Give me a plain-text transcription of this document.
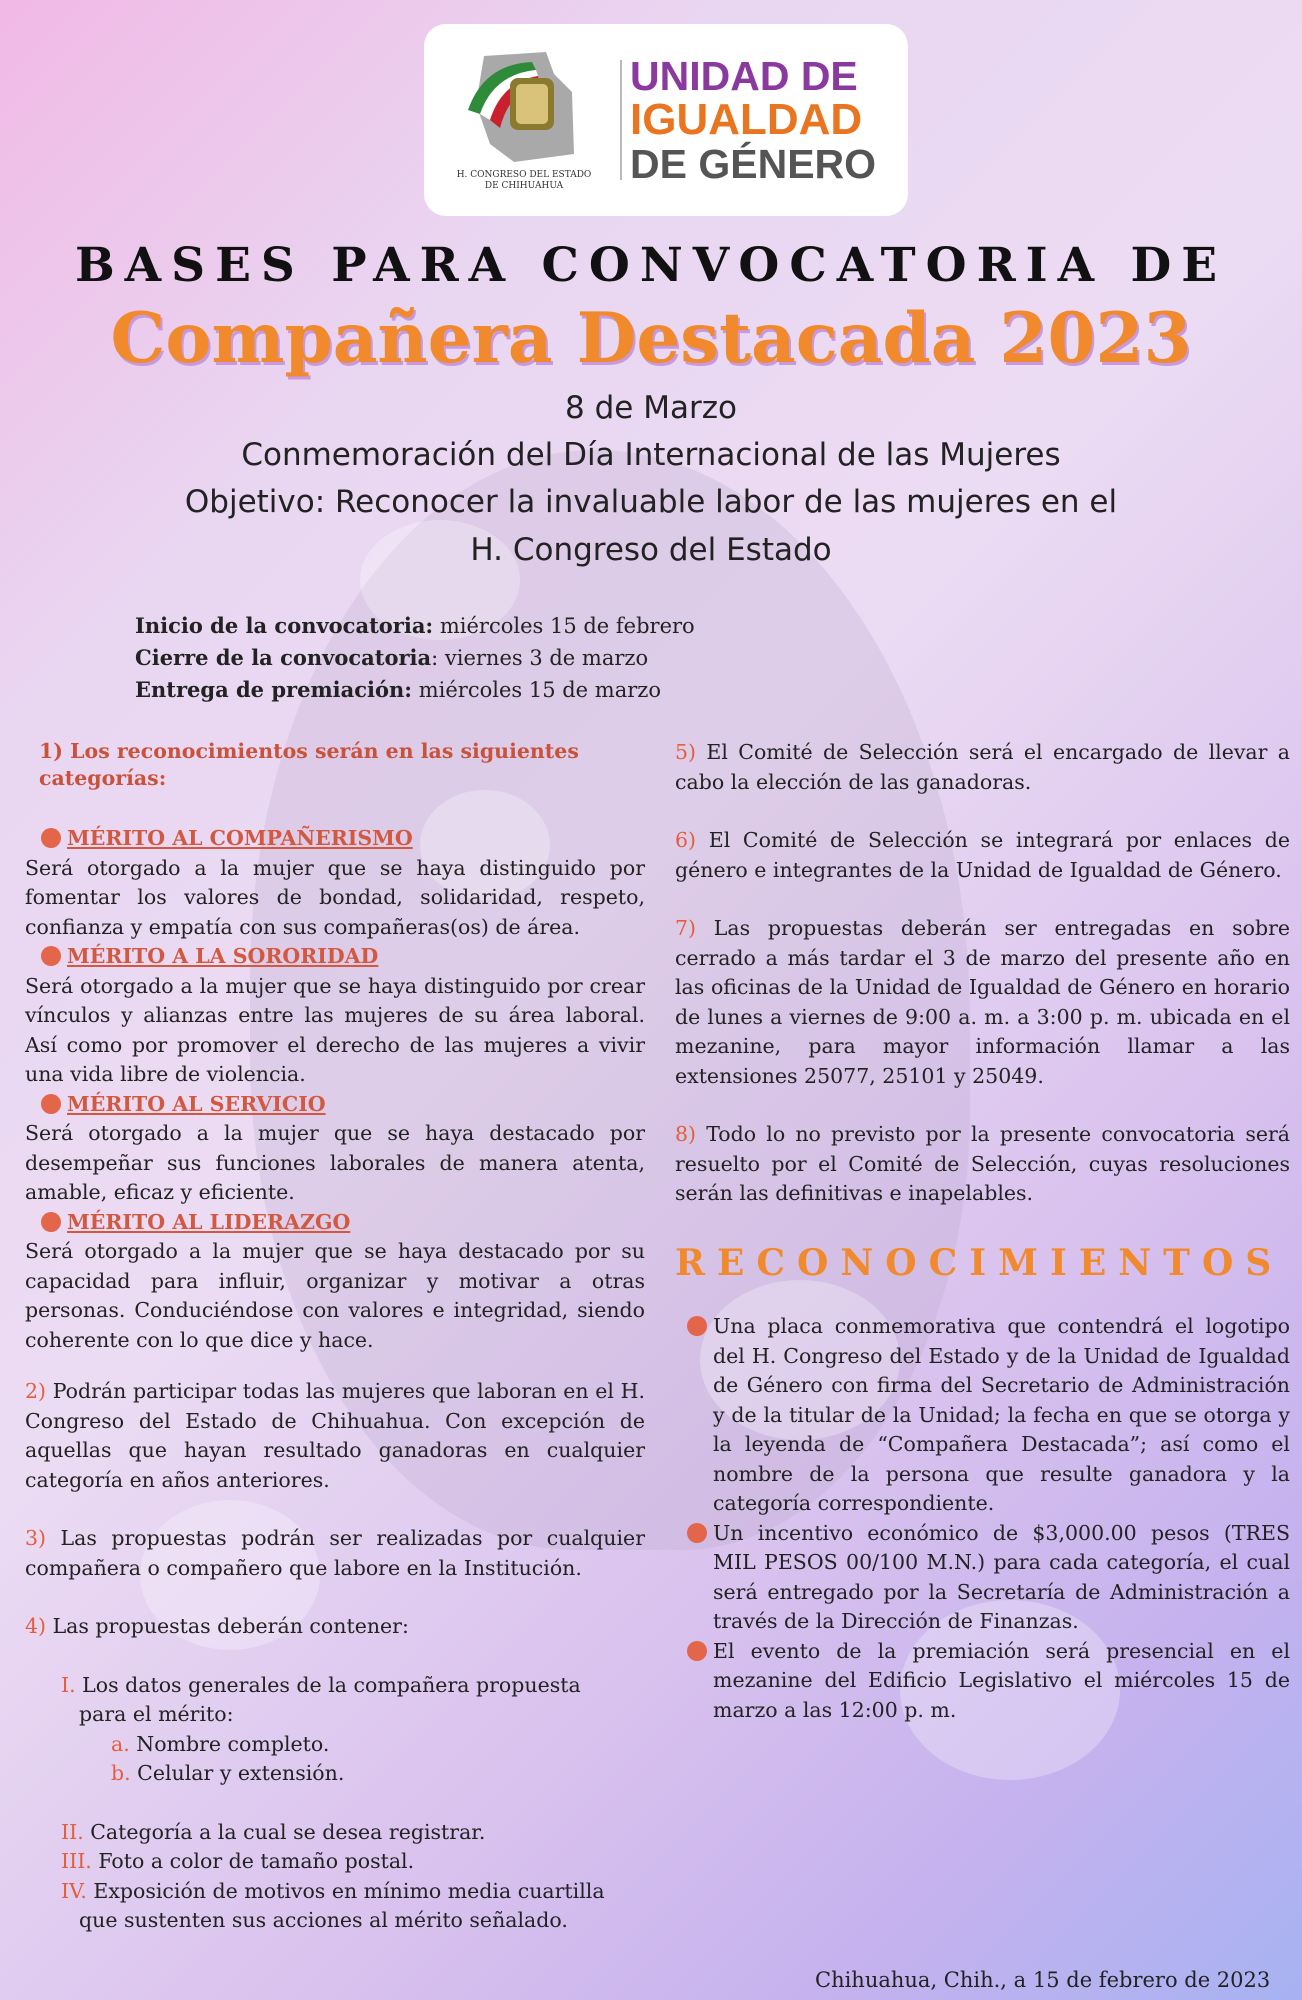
H. CONGRESO DEL ESTADO
DE CHIHUAHUA
UNIDAD DE
IGUALDAD
DE GÉNERO
BASES PARA CONVOCATORIA DE
Compañera Destacada 2023
8 de Marzo
Conmemoración del Día Internacional de las Mujeres
Objetivo: Reconocer la invaluable labor de las mujeres en el
H. Congreso del Estado
Inicio de la convocatoria: miércoles 15 de febrero
Cierre de la convocatoria: viernes 3 de marzo
Entrega de premiación: miércoles 15 de marzo

1) Los reconocimientos serán en las siguientes categorías:

MÉRITO AL COMPAÑERISMO

Será otorgado a la mujer que se haya distinguido por fomentar los valores de bondad, solidaridad, respeto, confianza y empatía con sus compañeras(os) de área.

MÉRITO A LA SORORIDAD

Será otorgado a la mujer que se haya distinguido por crear vínculos y alianzas entre las mujeres de su área laboral. Así como por promover el derecho de las mujeres a vivir una vida libre de violencia.

MÉRITO AL SERVICIO

Será otorgado a la mujer que se haya destacado por desempeñar sus funciones laborales de manera atenta, amable, eficaz y eficiente.

MÉRITO AL LIDERAZGO

Será otorgado a la mujer que se haya destacado por su capacidad para influir, organizar y motivar a otras personas. Conduciéndose con valores e integridad, siendo coherente con lo que dice y hace.

2) Podrán participar todas las mujeres que laboran en el H. Congreso del Estado de Chihuahua. Con excepción de aquellas que hayan resultado ganadoras en cualquier categoría en años anteriores.

3) Las propuestas podrán ser realizadas por cualquier compañera o compañero que labore en la Institución.

4) Las propuestas deberán contener:

I. Los datos generales de la compañera propuesta para el mérito:

a. Nombre completo.

b. Celular y extensión.

II. Categoría a la cual se desea registrar.

III. Foto a color de tamaño postal.

IV. Exposición de motivos en mínimo media cuartilla que sustenten sus acciones al mérito señalado.

5) El Comité de Selección será el encargado de llevar a cabo la elección de las ganadoras.

6) El Comité de Selección se integrará por enlaces de género e integrantes de la Unidad de Igualdad de Género.

7) Las propuestas deberán ser entregadas en sobre cerrado a más tardar el 3 de marzo del presente año en las oficinas de la Unidad de Igualdad de Género en horario de lunes a viernes de 9:00 a. m. a 3:00 p. m. ubicada en el mezanine, para mayor información llamar a las extensiones 25077, 25101 y 25049.

8) Todo lo no previsto por la presente convocatoria será resuelto por el Comité de Selección, cuyas resoluciones serán las definitivas e inapelables.

RECONOCIMIENTOS

Una placa conmemorativa que contendrá el logotipo del H. Congreso del Estado y de la Unidad de Igualdad de Género con firma del Secretario de Administración y de la titular de la Unidad; la fecha en que se otorga y la leyenda de “Compañera Destacada”; así como el nombre de la persona que resulte ganadora y la categoría correspondiente.

Un incentivo económico de $3,000.00 pesos (TRES MIL PESOS 00/100 M.N.) para cada categoría, el cual será entregado por la Secretaría de Administración a través de la Dirección de Finanzas.

El evento de la premiación será presencial en el mezanine del Edificio Legislativo el miércoles 15 de marzo a las 12:00 p. m.

Chihuahua, Chih., a 15 de febrero de 2023
